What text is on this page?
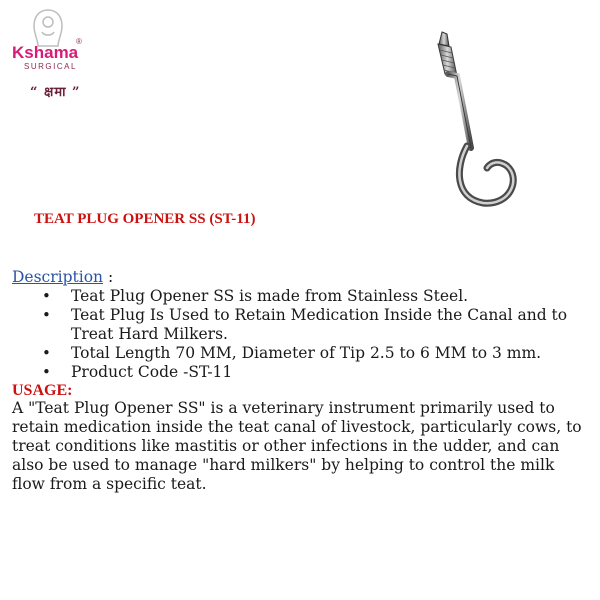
Kshama
®
SURGICAL
“ क्षमा ”
TEAT PLUG OPENER SS (ST-11)

Description :

• Teat Plug Opener SS is made from Stainless Steel.
• Teat Plug Is Used to Retain Medication Inside the Canal and to Treat Hard Milkers.
• Total Length 70 MM, Diameter of Tip 2.5 to 6 MM to 3 mm.
• Product Code -ST-11

USAGE:

A "Teat Plug Opener SS" is a veterinary instrument primarily used to retain medication inside the teat canal of livestock, particularly cows, to treat conditions like mastitis or other infections in the udder, and can also be used to manage "hard milkers" by helping to control the milk flow from a specific teat.
